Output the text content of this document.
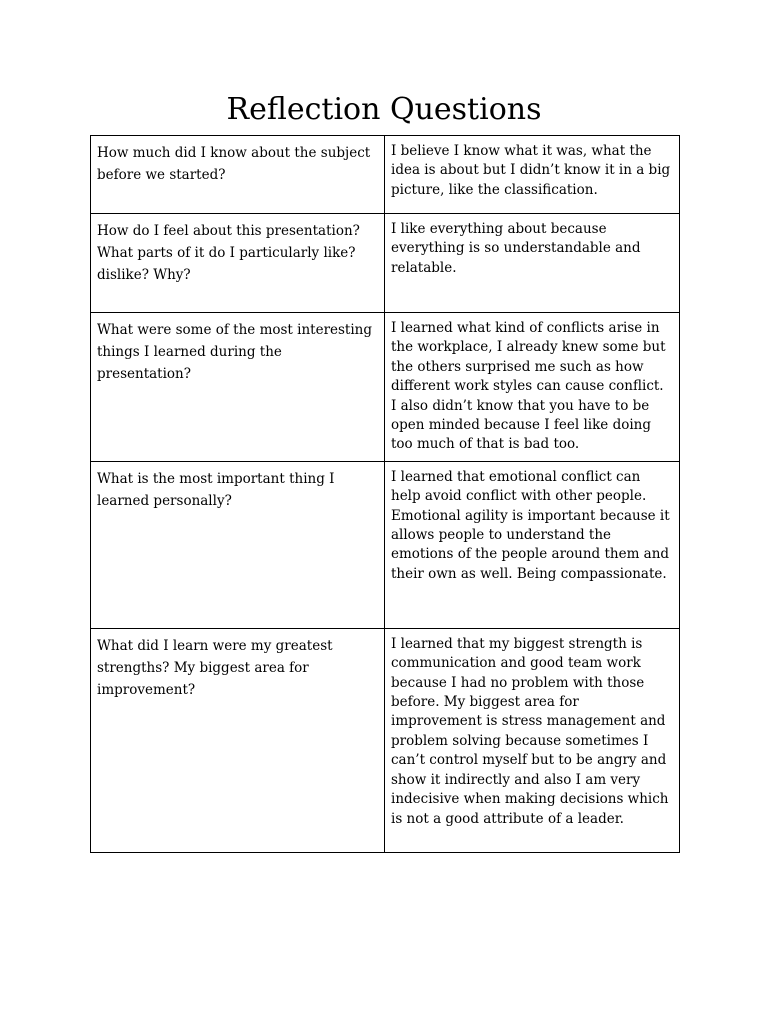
Reflection Questions
How much did I know about the subject before we started?	I believe I know what it was, what the idea is about but I didn’t know it in a big picture, like the classification.

How do I feel about this presentation? What parts of it do I particularly like? dislike? Why?	I like everything about because everything is so understandable and relatable.

What were some of the most interesting things I learned during the presentation?	I learned what kind of conflicts arise in the workplace, I already knew some but the others surprised me such as how different work styles can cause conflict. I also didn’t know that you have to be open minded because I feel like doing too much of that is bad too.

What is the most important thing I learned personally?	I learned that emotional conflict can help avoid conflict with other people. Emotional agility is important because it allows people to understand the emotions of the people around them and their own as well. Being compassionate.

What did I learn were my greatest strengths? My biggest area for improvement?	I learned that my biggest strength is communication and good team work because I had no problem with those before. My biggest area for improvement is stress management and problem solving because sometimes I can’t control myself but to be angry and show it indirectly and also I am very indecisive when making decisions which is not a good attribute of a leader.
